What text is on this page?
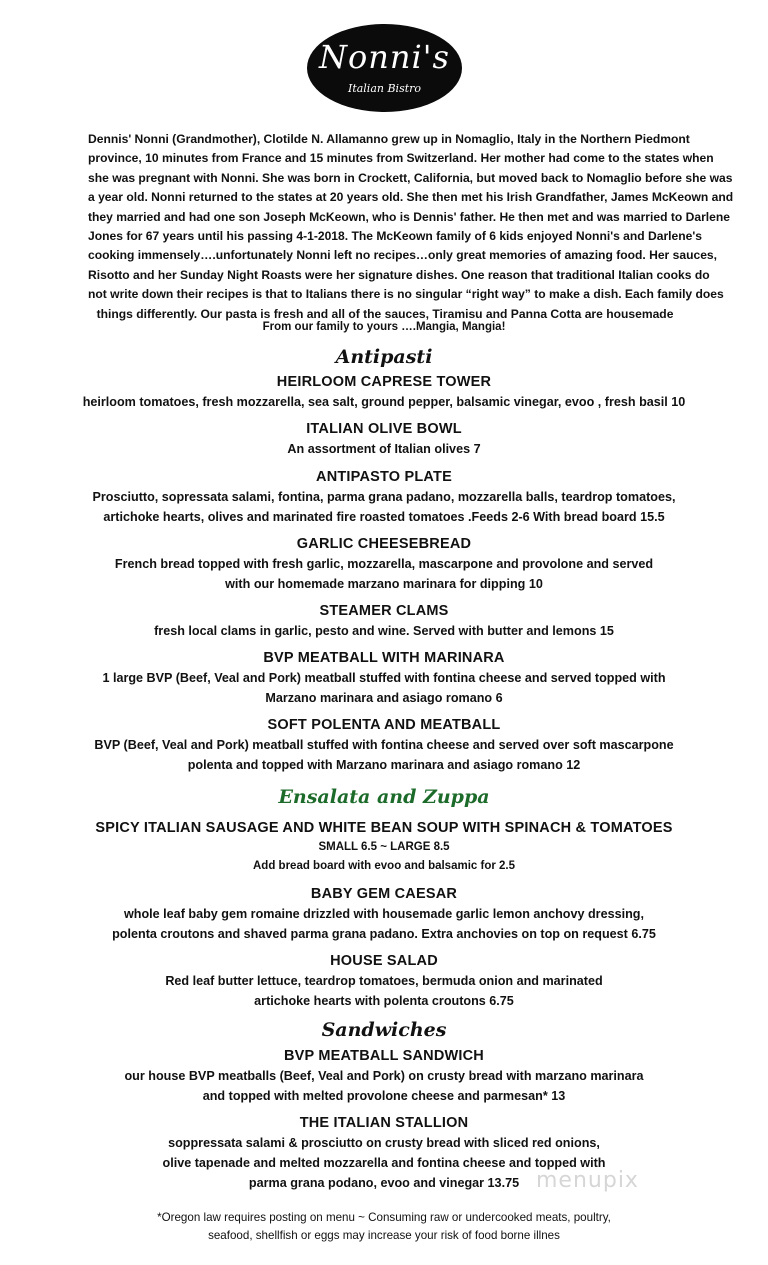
Nonni's
Italian Bistro
Dennis' Nonni (Grandmother), Clotilde N. Allamanno grew up in Nomaglio, Italy in the Northern Piedmont
province, 10 minutes from France and 15 minutes from Switzerland. Her mother had come to the states when
she was pregnant with Nonni. She was born in Crockett, California, but moved back to Nomaglio before she was
a year old. Nonni returned to the states at 20 years old. She then met his Irish Grandfather, James McKeown and
they married and had one son Joseph McKeown, who is Dennis' father. He then met and was married to Darlene
Jones for 67 years until his passing 4-1-2018. The McKeown family of 6 kids enjoyed Nonni's and Darlene's
cooking immensely….unfortunately Nonni left no recipes…only great memories of amazing food. Her sauces,
Risotto and her Sunday Night Roasts were her signature dishes. One reason that traditional Italian cooks do
not write down their recipes is that to Italians there is no singular “right way” to make a dish. Each family does
things differently. Our pasta is fresh and all of the sauces, Tiramisu and Panna Cotta are housemade
From our family to yours ….Mangia, Mangia!
Antipasti
HEIRLOOM CAPRESE TOWER
heirloom tomatoes, fresh mozzarella, sea salt, ground pepper, balsamic vinegar, evoo , fresh basil 10
ITALIAN OLIVE BOWL
An assortment of Italian olives 7
ANTIPASTO PLATE
Prosciutto, sopressata salami, fontina, parma grana padano, mozzarella balls, teardrop tomatoes,
artichoke hearts, olives and marinated fire roasted tomatoes .Feeds 2-6 With bread board 15.5
GARLIC CHEESEBREAD
French bread topped with fresh garlic, mozzarella, mascarpone and provolone and served
with our homemade marzano marinara for dipping 10
STEAMER CLAMS
fresh local clams in garlic, pesto and wine. Served with butter and lemons 15
BVP MEATBALL WITH MARINARA
1 large BVP (Beef, Veal and Pork) meatball stuffed with fontina cheese and served topped with
Marzano marinara and asiago romano 6
SOFT POLENTA AND MEATBALL
BVP (Beef, Veal and Pork) meatball stuffed with fontina cheese and served over soft mascarpone
polenta and topped with Marzano marinara and asiago romano 12
Ensalata and Zuppa
SPICY ITALIAN SAUSAGE AND WHITE BEAN SOUP WITH SPINACH & TOMATOES
SMALL 6.5 ~ LARGE 8.5
Add bread board with evoo and balsamic for 2.5
BABY GEM CAESAR
whole leaf baby gem romaine drizzled with housemade garlic lemon anchovy dressing,
polenta croutons and shaved parma grana padano. Extra anchovies on top on request 6.75
HOUSE SALAD
Red leaf butter lettuce, teardrop tomatoes, bermuda onion and marinated
artichoke hearts with polenta croutons 6.75
Sandwiches
BVP MEATBALL SANDWICH
our house BVP meatballs (Beef, Veal and Pork) on crusty bread with marzano marinara
and topped with melted provolone cheese and parmesan* 13
THE ITALIAN STALLION
soppressata salami & prosciutto on crusty bread with sliced red onions,
olive tapenade and melted mozzarella and fontina cheese and topped with
parma grana podano, evoo and vinegar 13.75 menupix
*Oregon law requires posting on menu ~ Consuming raw or undercooked meats, poultry,
seafood, shellfish or eggs may increase your risk of food borne illnes
